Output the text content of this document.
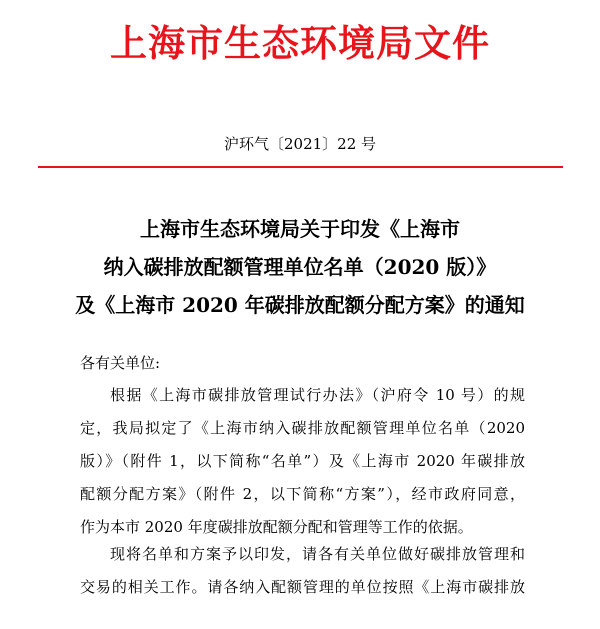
上海市生态环境局文件
沪环气〔2021〕22 号
上海市生态环境局关于印发《上海市
纳入碳排放配额管理单位名单（2020 版）》
及《上海市 2020 年碳排放配额分配方案》的通知
各有关单位:
根据《上海市碳排放管理试行办法》（沪府令 10 号）的规
定，我局拟定了《上海市纳入碳排放配额管理单位名单（2020
版）》（附件 1，以下简称“名单”）及《上海市 2020 年碳排放
配额分配方案》（附件 2，以下简称“方案”），经市政府同意，
作为本市 2020 年度碳排放配额分配和管理等工作的依据。
现将名单和方案予以印发，请各有关单位做好碳排放管理和
交易的相关工作。请各纳入配额管理的单位按照《上海市碳排放
